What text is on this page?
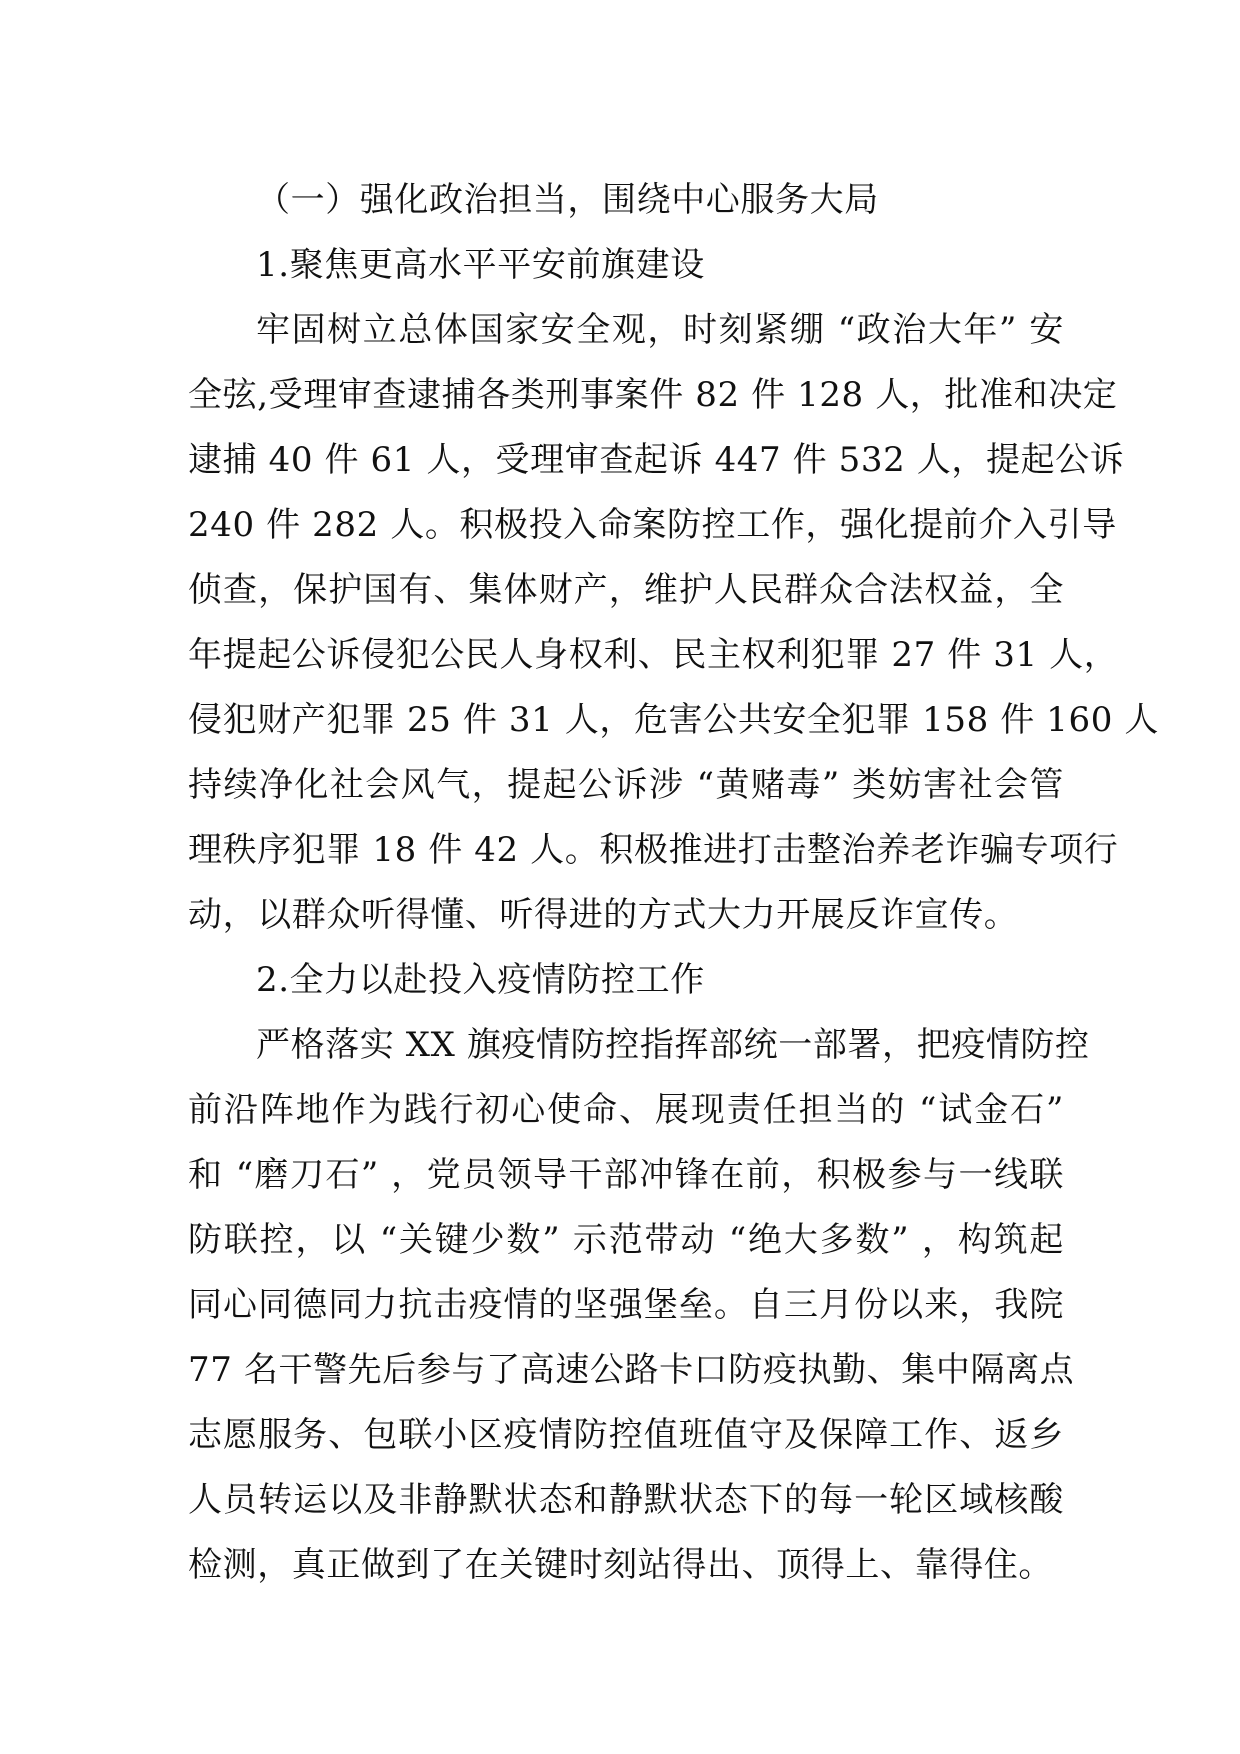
（一）强化政治担当，围绕中心服务大局
1.聚焦更高水平平安前旗建设
牢固树立总体国家安全观，时刻紧绷 “政治大年” 安
全弦,受理审查逮捕各类刑事案件 82 件 128 人，批准和决定
逮捕 40 件 61 人，受理审查起诉 447 件 532 人，提起公诉
240 件 282 人。积极投入命案防控工作，强化提前介入引导
侦查，保护国有、集体财产，维护人民群众合法权益，全
年提起公诉侵犯公民人身权利、民主权利犯罪 27 件 31 人，
侵犯财产犯罪 25 件 31 人，危害公共安全犯罪 158 件 160 人
持续净化社会风气，提起公诉涉 “黄赌毒” 类妨害社会管
理秩序犯罪 18 件 42 人。积极推进打击整治养老诈骗专项行
动，以群众听得懂、听得进的方式大力开展反诈宣传。
2.全力以赴投入疫情防控工作
严格落实 XX 旗疫情防控指挥部统一部署，把疫情防控
前沿阵地作为践行初心使命、展现责任担当的 “试金石”
和 “磨刀石” ，党员领导干部冲锋在前，积极参与一线联
防联控，以 “关键少数” 示范带动 “绝大多数” ，构筑起
同心同德同力抗击疫情的坚强堡垒。自三月份以来，我院
77 名干警先后参与了高速公路卡口防疫执勤、集中隔离点
志愿服务、包联小区疫情防控值班值守及保障工作、返乡
人员转运以及非静默状态和静默状态下的每一轮区域核酸
检测，真正做到了在关键时刻站得出、顶得上、靠得住。
